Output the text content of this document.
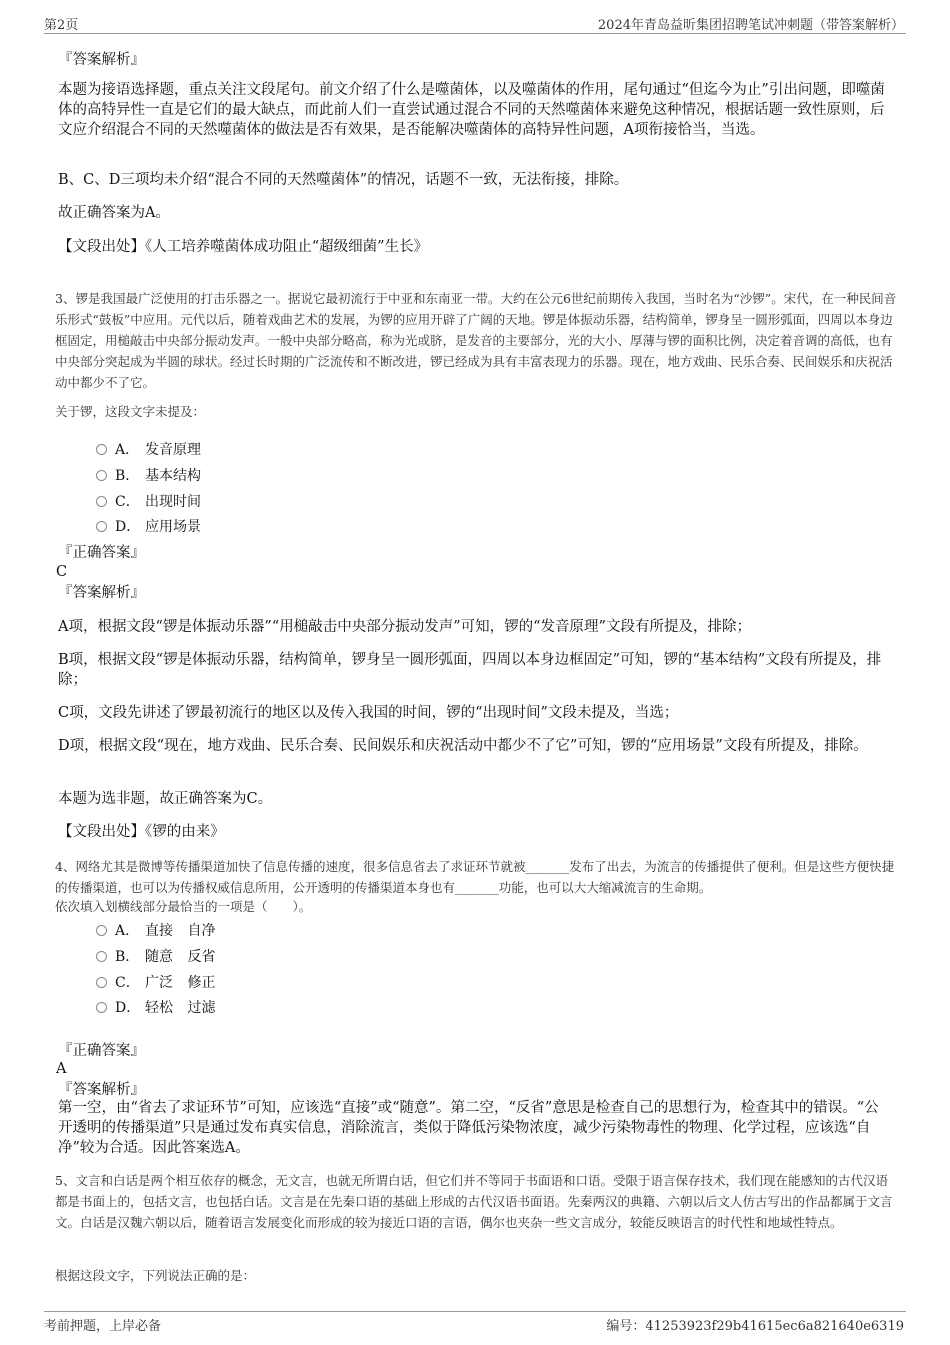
第2页	2024年青岛益昕集团招聘笔试冲刺题（带答案解析）
『答案解析』
本题为接语选择题，重点关注文段尾句。前文介绍了什么是噬菌体，以及噬菌体的作用，尾句通过“但迄今为止”引出问题，即噬菌体的高特异性一直是它们的最大缺点，而此前人们一直尝试通过混合不同的天然噬菌体来避免这种情况，根据话题一致性原则，后文应介绍混合不同的天然噬菌体的做法是否有效果，是否能解决噬菌体的高特异性问题，A项衔接恰当，当选。
B、C、D三项均未介绍“混合不同的天然噬菌体”的情况，话题不一致，无法衔接，排除。
故正确答案为A。
【文段出处】《人工培养噬菌体成功阻止“超级细菌”生长》
3、锣是我国最广泛使用的打击乐器之一。据说它最初流行于中亚和东南亚一带。大约在公元6世纪前期传入我国，当时名为“沙锣”。宋代，在一种民间音乐形式“鼓板”中应用。元代以后，随着戏曲艺术的发展，为锣的应用开辟了广阔的天地。锣是体振动乐器，结构简单，锣身呈一圆形弧面，四周以本身边框固定，用槌敲击中央部分振动发声。一般中央部分略高，称为光或脐，是发音的主要部分，光的大小、厚薄与锣的面积比例，决定着音调的高低，也有中央部分突起成为半圆的球状。经过长时期的广泛流传和不断改进，锣已经成为具有丰富表现力的乐器。现在，地方戏曲、民乐合奏、民间娱乐和庆祝活动中都少不了它。
关于锣，这段文字未提及：
A． 发音原理
B． 基本结构
C． 出现时间
D． 应用场景
『正确答案』
C
『答案解析』
A项，根据文段“锣是体振动乐器”“用槌敲击中央部分振动发声”可知，锣的“发音原理”文段有所提及，排除；
B项，根据文段“锣是体振动乐器，结构简单，锣身呈一圆形弧面，四周以本身边框固定”可知，锣的“基本结构”文段有所提及，排除；
C项，文段先讲述了锣最初流行的地区以及传入我国的时间，锣的“出现时间”文段未提及，当选；
D项，根据文段“现在，地方戏曲、民乐合奏、民间娱乐和庆祝活动中都少不了它”可知，锣的“应用场景”文段有所提及，排除。
本题为选非题，故正确答案为C。
【文段出处】《锣的由来》
4、网络尤其是微博等传播渠道加快了信息传播的速度，很多信息省去了求证环节就被_______发布了出去，为流言的传播提供了便利。但是这些方便快捷的传播渠道，也可以为传播权威信息所用，公开透明的传播渠道本身也有_______功能，也可以大大缩减流言的生命期。
依次填入划横线部分最恰当的一项是（　　）。
A． 直接 自净
B． 随意 反省
C． 广泛 修正
D． 轻松 过滤
『正确答案』
A
『答案解析』
第一空，由“省去了求证环节”可知，应该选“直接”或“随意”。第二空，“反省”意思是检查自己的思想行为，检查其中的错误。“公开透明的传播渠道”只是通过发布真实信息，消除流言，类似于降低污染物浓度，减少污染物毒性的物理、化学过程，应该选“自净”较为合适。因此答案选A。
5、文言和白话是两个相互依存的概念，无文言，也就无所谓白话，但它们并不等同于书面语和口语。受限于语言保存技术，我们现在能感知的古代汉语都是书面上的，包括文言，也包括白话。文言是在先秦口语的基础上形成的古代汉语书面语。先秦两汉的典籍、六朝以后文人仿古写出的作品都属于文言文。白话是汉魏六朝以后，随着语言发展变化而形成的较为接近口语的言语，偶尔也夹杂一些文言成分，较能反映语言的时代性和地域性特点。
根据这段文字，下列说法正确的是：
考前押题，上岸必备	编号：41253923f29b41615ec6a821640e6319
